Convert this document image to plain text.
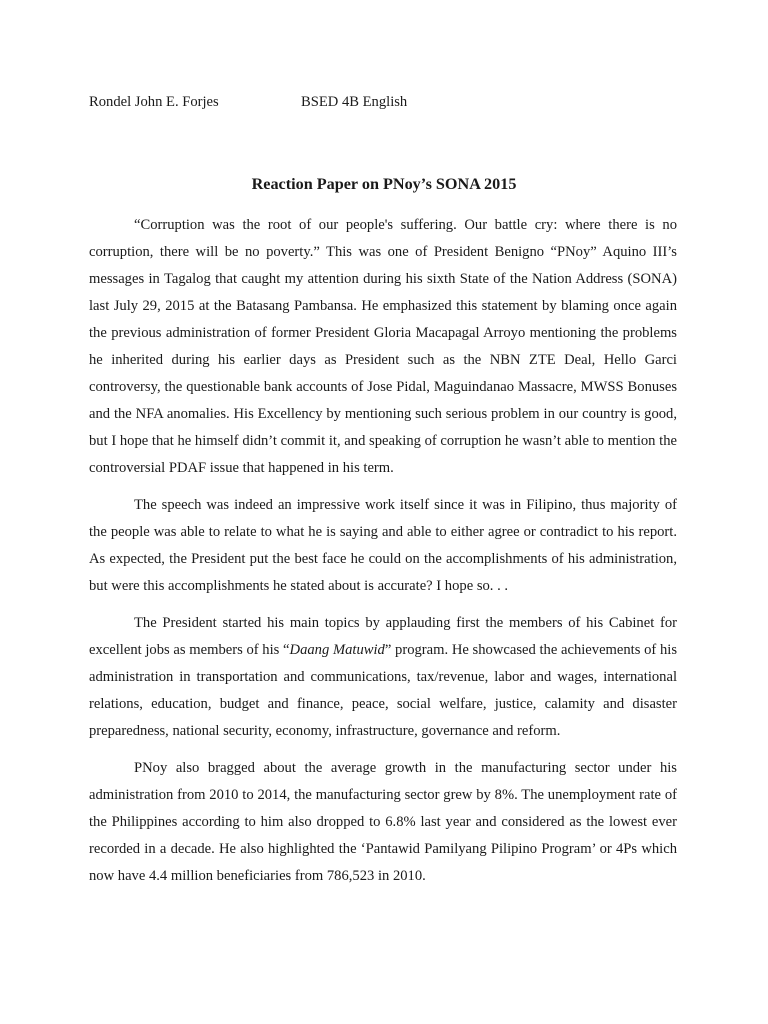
Rondel John E. Forjes	BSED 4B English
Reaction Paper on PNoy’s SONA 2015

“Corruption was the root of our people's suffering. Our battle cry: where there is no corruption, there will be no poverty.” This was one of President Benigno “PNoy” Aquino III’s messages in Tagalog that caught my attention during his sixth State of the Nation Address (SONA) last July 29, 2015 at the Batasang Pambansa. He emphasized this statement by blaming once again the previous administration of former President Gloria Macapagal Arroyo mentioning the problems he inherited during his earlier days as President such as the NBN ZTE Deal, Hello Garci controversy, the questionable bank accounts of Jose Pidal, Maguindanao Massacre, MWSS Bonuses and the NFA anomalies. His Excellency by mentioning such serious problem in our country is good, but I hope that he himself didn’t commit it, and speaking of corruption he wasn’t able to mention the controversial PDAF issue that happened in his term.

The speech was indeed an impressive work itself since it was in Filipino, thus majority of the people was able to relate to what he is saying and able to either agree or contradict to his report. As expected, the President put the best face he could on the accomplishments of his administration, but were this accomplishments he stated about is accurate? I hope so. . .

The President started his main topics by applauding first the members of his Cabinet for excellent jobs as members of his “Daang Matuwid” program. He showcased the achievements of his administration in transportation and communications, tax/revenue, labor and wages, international relations, education, budget and finance, peace, social welfare, justice, calamity and disaster preparedness, national security, economy, infrastructure, governance and reform.

PNoy also bragged about the average growth in the manufacturing sector under his administration from 2010 to 2014, the manufacturing sector grew by 8%. The unemployment rate of the Philippines according to him also dropped to 6.8% last year and considered as the lowest ever recorded in a decade. He also highlighted the ‘Pantawid Pamilyang Pilipino Program’ or 4Ps which now have 4.4 million beneficiaries from 786,523 in 2010.
